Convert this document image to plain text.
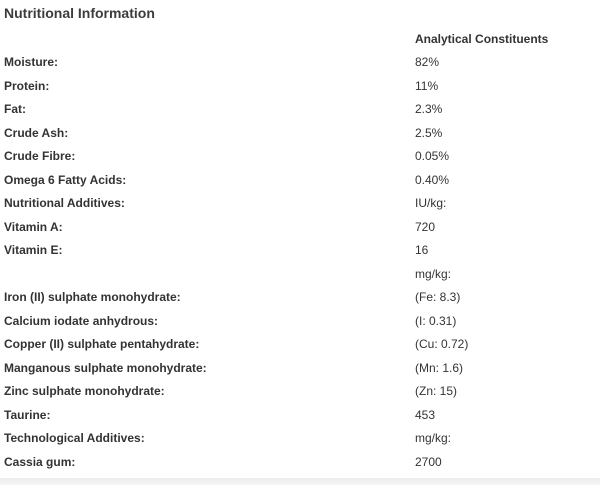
Nutritional Information
	Analytical Constituents
Moisture:	82%
Protein:	11%
Fat:	2.3%
Crude Ash:	2.5%
Crude Fibre:	0.05%
Omega 6 Fatty Acids:	0.40%
Nutritional Additives:	IU/kg:
Vitamin A:	720
Vitamin E:	16
	mg/kg:
Iron (II) sulphate monohydrate:	(Fe: 8.3)
Calcium iodate anhydrous:	(I: 0.31)
Copper (II) sulphate pentahydrate:	(Cu: 0.72)
Manganous sulphate monohydrate:	(Mn: 1.6)
Zinc sulphate monohydrate:	(Zn: 15)
Taurine:	453
Technological Additives:	mg/kg:
Cassia gum:	2700
